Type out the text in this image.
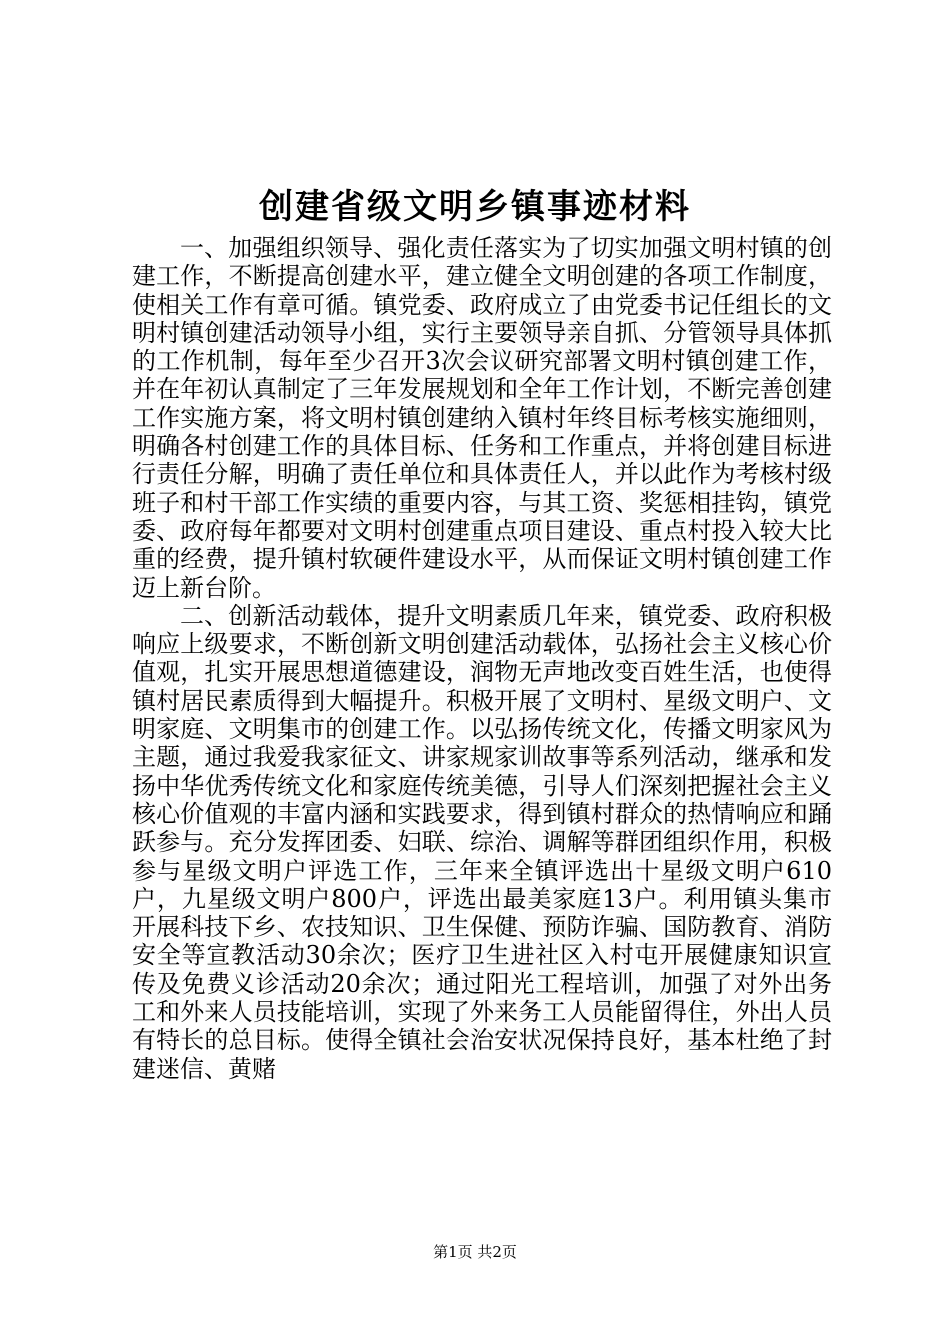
创建省级文明乡镇事迹材料

一、加强组织领导、强化责任落实为了切实加强文明村镇的创建工作，不断提高创建水平，建立健全文明创建的各项工作制度，使相关工作有章可循。镇党委、政府成立了由党委书记任组长的文明村镇创建活动领导小组，实行主要领导亲自抓、分管领导具体抓的工作机制，每年至少召开3次会议研究部署文明村镇创建工作，并在年初认真制定了三年发展规划和全年工作计划，不断完善创建工作实施方案，将文明村镇创建纳入镇村年终目标考核实施细则，明确各村创建工作的具体目标、任务和工作重点，并将创建目标进行责任分解，明确了责任单位和具体责任人，并以此作为考核村级班子和村干部工作实绩的重要内容，与其工资、奖惩相挂钩，镇党委、政府每年都要对文明村创建重点项目建设、重点村投入较大比重的经费，提升镇村软硬件建设水平，从而保证文明村镇创建工作迈上新台阶。

二、创新活动载体，提升文明素质几年来，镇党委、政府积极响应上级要求，不断创新文明创建活动载体，弘扬社会主义核心价值观，扎实开展思想道德建设，润物无声地改变百姓生活，也使得镇村居民素质得到大幅提升。积极开展了文明村、星级文明户、文明家庭、文明集市的创建工作。以弘扬传统文化，传播文明家风为主题，通过我爱我家征文、讲家规家训故事等系列活动，继承和发扬中华优秀传统文化和家庭传统美德，引导人们深刻把握社会主义核心价值观的丰富内涵和实践要求，得到镇村群众的热情响应和踊跃参与。充分发挥团委、妇联、综治、调解等群团组织作用，积极参与星级文明户评选工作，三年来全镇评选出十星级文明户610户，九星级文明户800户，评选出最美家庭13户。利用镇头集市开展科技下乡、农技知识、卫生保健、预防诈骗、国防教育、消防安全等宣教活动30余次；医疗卫生进社区入村屯开展健康知识宣传及免费义诊活动20余次；通过阳光工程培训，加强了对外出务工和外来人员技能培训，实现了外来务工人员能留得住，外出人员有特长的总目标。使得全镇社会治安状况保持良好，基本杜绝了封建迷信、黄赌

第1页 共2页
